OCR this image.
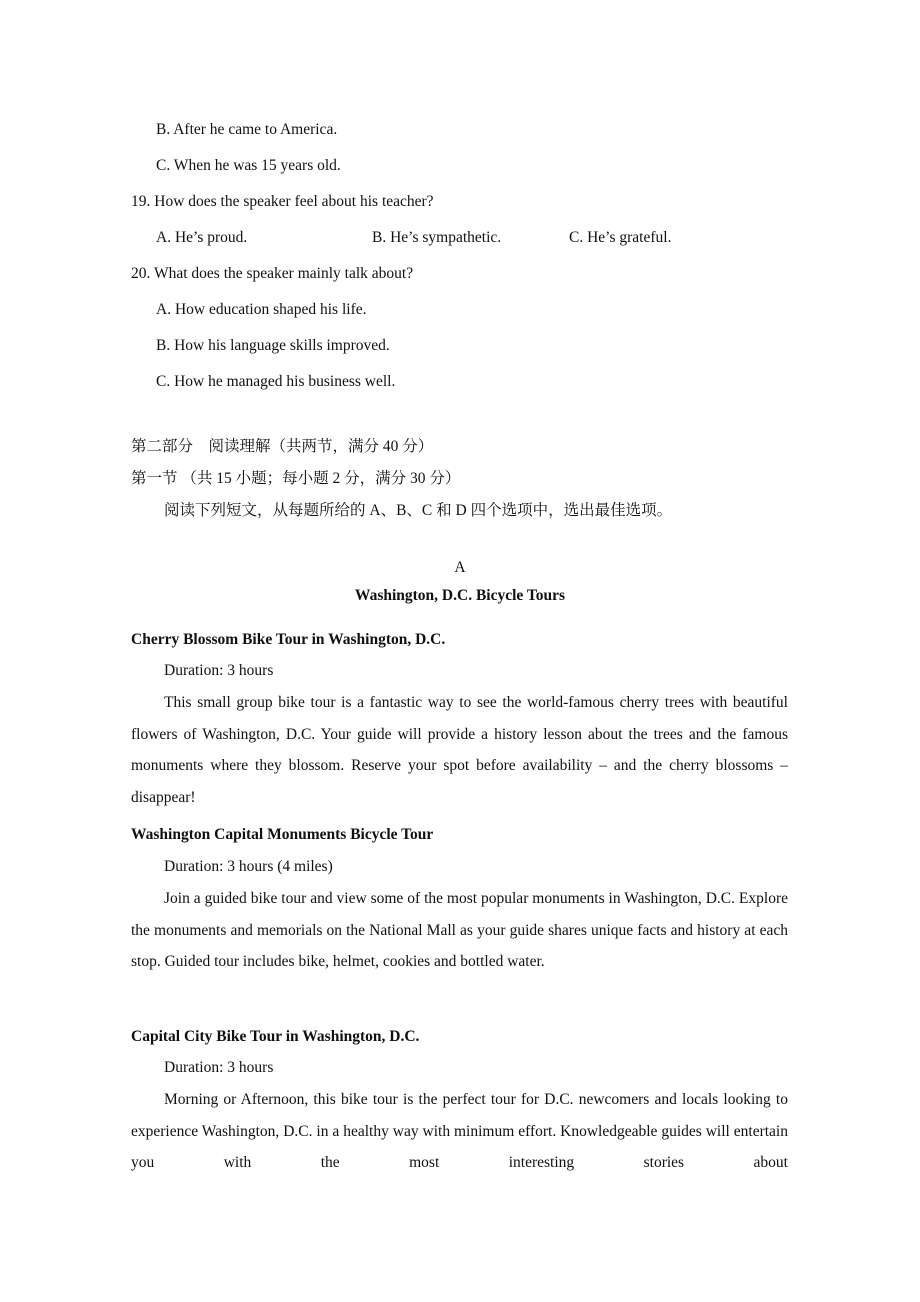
B. After he came to America.
C. When he was 15 years old.
19. How does the speaker feel about his teacher?
A. He’s proud.	B. He’s sympathetic.	C. He’s grateful.
20. What does the speaker mainly talk about?
A. How education shaped his life.
B. How his language skills improved.
C. How he managed his business well.
第二部分　阅读理解（共两节，满分 40 分）
第一节 （共 15 小题；每小题 2 分，满分 30 分）
阅读下列短文，从每题所给的 A、B、C 和 D 四个选项中，选出最佳选项。
A
Washington, D.C. Bicycle Tours
Cherry Blossom Bike Tour in Washington, D.C.
Duration: 3 hours
This small group bike tour is a fantastic way to see the world-famous cherry trees with beautiful flowers of Washington, D.C. Your guide will provide a history lesson about the trees and the famous monuments where they blossom. Reserve your spot before availability – and the cherry blossoms – disappear!
Washington Capital Monuments Bicycle Tour
Duration: 3 hours (4 miles)
Join a guided bike tour and view some of the most popular monuments in Washington, D.C. Explore the monuments and memorials on the National Mall as your guide shares unique facts and history at each stop. Guided tour includes bike, helmet, cookies and bottled water.
Capital City Bike Tour in Washington, D.C.
Duration: 3 hours
Morning or Afternoon, this bike tour is the perfect tour for D.C. newcomers and locals looking to experience Washington, D.C. in a healthy way with minimum effort. Knowledgeable guides will entertain you with the most interesting stories about
